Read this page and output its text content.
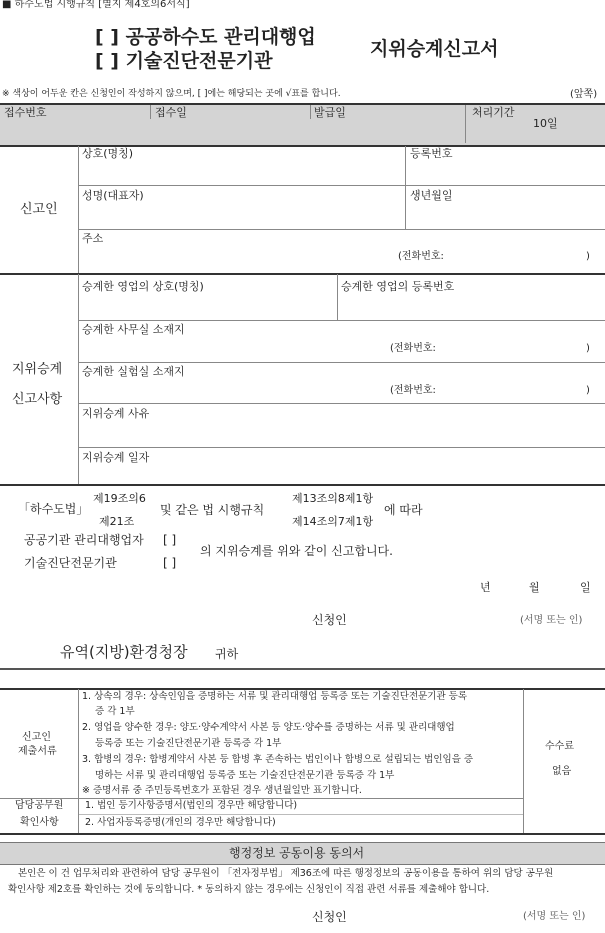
■ 하수도법 시행규칙 [별지 제4호의6서식]
[ ] 공공하수도 관리대행업
[ ] 기술진단전문기관
지위승계신고서
※ 색상이 어두운 칸은 신청인이 작성하지 않으며, [ ]에는 해당되는 곳에 √표를 합니다.	(앞쪽)
접수번호	접수일	발급일	처리기간
10일
신고인
상호(명칭)	등록번호
성명(대표자)	생년월일
주소
(전화번호:	)
지위승계
신고사항
승계한 영업의 상호(명칭)	승계한 영업의 등록번호
승계한 사무실 소재지
(전화번호:	)
승계한 실험실 소재지
(전화번호:	)
지위승계 사유
지위승계 일자
「하수도법」
제19조의6
제21조
및 같은 법 시행규칙
제13조의8제1항
제14조의7제1항
에 따라
공공기관 관리대행업자 [ ]
기술진단전문기관	[ ]
의 지위승계를 위와 같이 신고합니다.
년	월	일
신청인	(서명 또는 인)
유역(지방)환경청장 귀하
신고인
제출서류
1. 상속의 경우: 상속인임을 증명하는 서류 및 관리대행업 등록증 또는 기술진단전문기관 등록
증 각 1부
2. 영업을 양수한 경우: 양도·양수계약서 사본 등 양도·양수를 증명하는 서류 및 관리대행업
등록증 또는 기술진단전문기관 등록증 각 1부
3. 합병의 경우: 합병계약서 사본 등 합병 후 존속하는 법인이나 합병으로 설립되는 법인임을 증
명하는 서류 및 관리대행업 등록증 또는 기술진단전문기관 등록증 각 1부
※ 증명서류 중 주민등록번호가 포함된 경우 생년월일만 표기합니다.
수수료
없음
담당공무원
확인사항
1. 법인 등기사항증명서(법인의 경우만 해당합니다)
2. 사업자등록증명(개인의 경우만 해당합니다)
행정정보 공동이용 동의서
본인은 이 건 업무처리와 관련하여 담당 공무원이 「전자정부법」 제36조에 따른 행정정보의 공동이용을 통하여 위의 담당 공무원
확인사항 제2호를 확인하는 것에 동의합니다. * 동의하지 않는 경우에는 신청인이 직접 관련 서류를 제출해야 합니다.
신청인	(서명 또는 인)
